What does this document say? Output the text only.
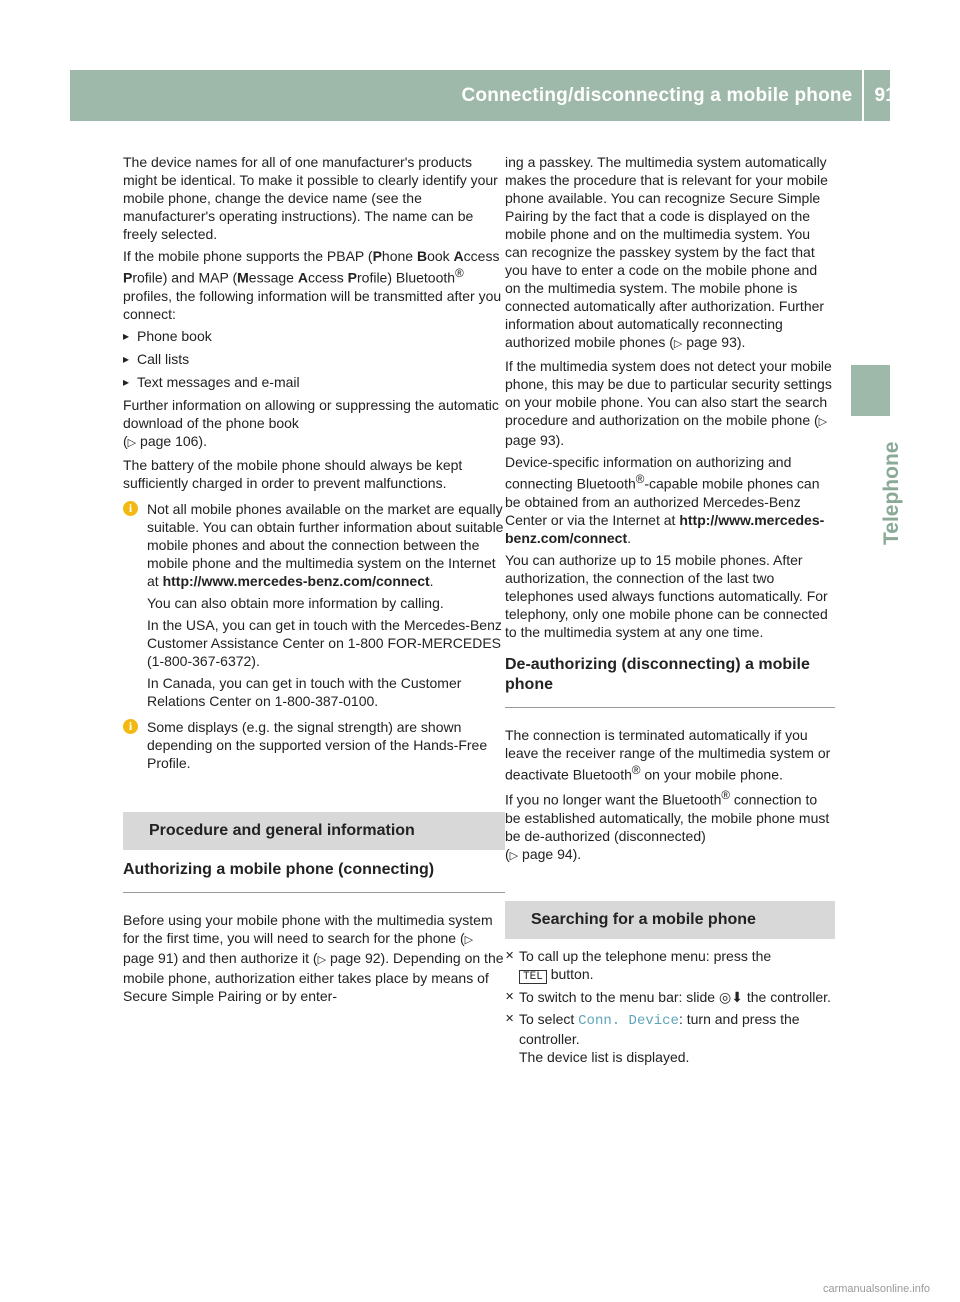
Connecting/disconnecting a mobile phone 91
Telephone

The device names for all of one manufacturer's products might be identical. To make it possible to clearly identify your mobile phone, change the device name (see the manufacturer's operating instructions). The name can be freely selected.

If the mobile phone supports the PBAP (Phone Book Access Profile) and MAP (Message Access Profile) Bluetooth® profiles, the following information will be transmitted after you connect:

▸ Phone book
▸ Call lists
▸ Text messages and e-mail

Further information on allowing or suppressing the automatic download of the phone book
(▷ page 106).

The battery of the mobile phone should always be kept sufficiently charged in order to prevent malfunctions.

i	Not all mobile phones available on the market are equally suitable. You can obtain further information about suitable mobile phones and about the connection between the mobile phone and the multimedia system on the Internet at http://www.mercedes-benz.com/connect.

You can also obtain more information by calling.

In the USA, you can get in touch with the Mercedes-Benz Customer Assistance Center on 1-800 FOR-MERCEDES (1-800-367-6372).

In Canada, you can get in touch with the Customer Relations Center on 1-800-387-0100.

i	Some displays (e.g. the signal strength) are shown depending on the supported version of the Hands-Free Profile.

Procedure and general information
Authorizing a mobile phone (connecting)

Before using your mobile phone with the multimedia system for the first time, you will need to search for the phone (▷ page 91) and then authorize it (▷ page 92). Depending on the mobile phone, authorization either takes place by means of Secure Simple Pairing or by enter-

ing a passkey. The multimedia system automatically makes the procedure that is relevant for your mobile phone available. You can recognize Secure Simple Pairing by the fact that a code is displayed on the mobile phone and on the multimedia system. You can recognize the passkey system by the fact that you have to enter a code on the mobile phone and on the multimedia system. The mobile phone is connected automatically after authorization. Further information about automatically reconnecting authorized mobile phones (▷ page 93).

If the multimedia system does not detect your mobile phone, this may be due to particular security settings on your mobile phone. You can also start the search procedure and authorization on the mobile phone (▷ page 93).

Device-specific information on authorizing and connecting Bluetooth®-capable mobile phones can be obtained from an authorized Mercedes-Benz Center or via the Internet at http://www.mercedes-benz.com/connect.

You can authorize up to 15 mobile phones. After authorization, the connection of the last two telephones used always functions automatically. For telephony, only one mobile phone can be connected to the multimedia system at any one time.

De-authorizing (disconnecting) a mobile phone

The connection is terminated automatically if you leave the receiver range of the multimedia system or deactivate Bluetooth® on your mobile phone.

If you no longer want the Bluetooth® connection to be established automatically, the mobile phone must be de-authorized (disconnected)
(▷ page 94).

Searching for a mobile phone
✕ To call up the telephone menu: press the
TEL button.
✕ To switch to the menu bar: slide ◎⬇ the controller.
✕ To select Conn. Device: turn and press the controller.
The device list is displayed.
carmanualsonline.info
